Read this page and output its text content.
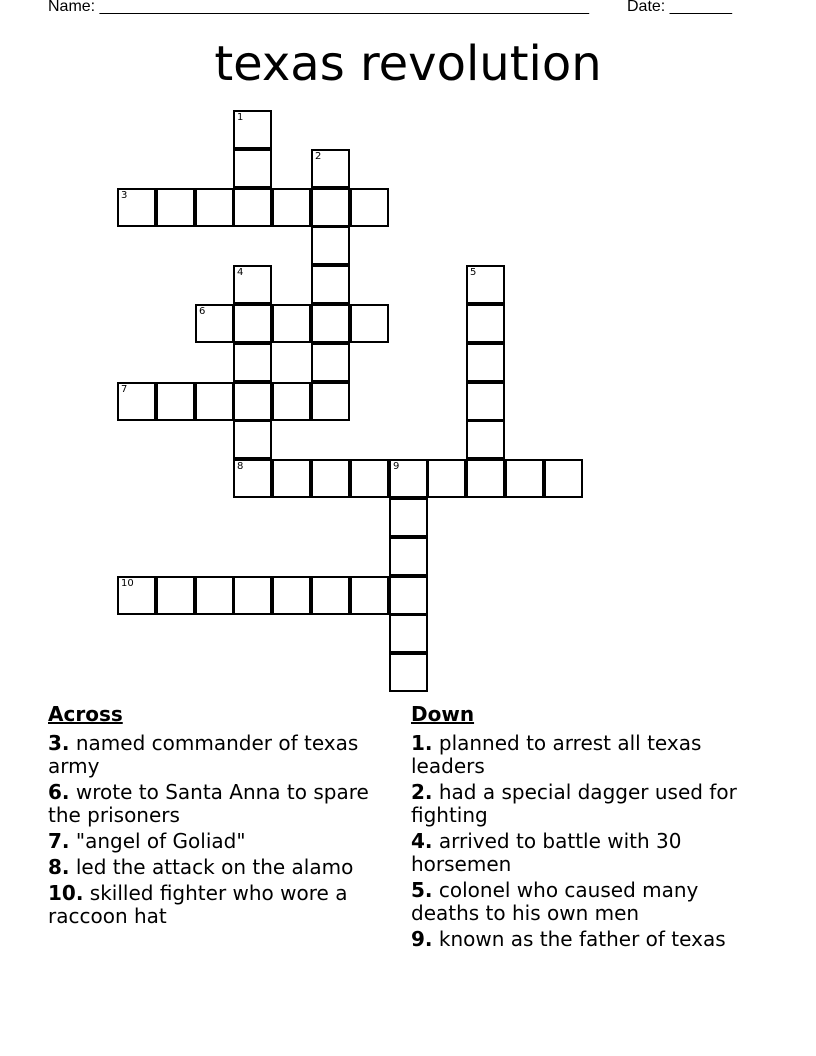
Name: _______________________________________________________ Date: _______
texas revolution
1
2
3
4
8
5
6
7
9
10
Across
3. named commander of texas army
6. wrote to Santa Anna to spare the prisoners
7. "angel of Goliad"
8. led the attack on the alamo
10. skilled fighter who wore a raccoon hat
Down
1. planned to arrest all texas leaders
2. had a special dagger used for fighting
4. arrived to battle with 30 horsemen
5. colonel who caused many deaths to his own men
9. known as the father of texas
